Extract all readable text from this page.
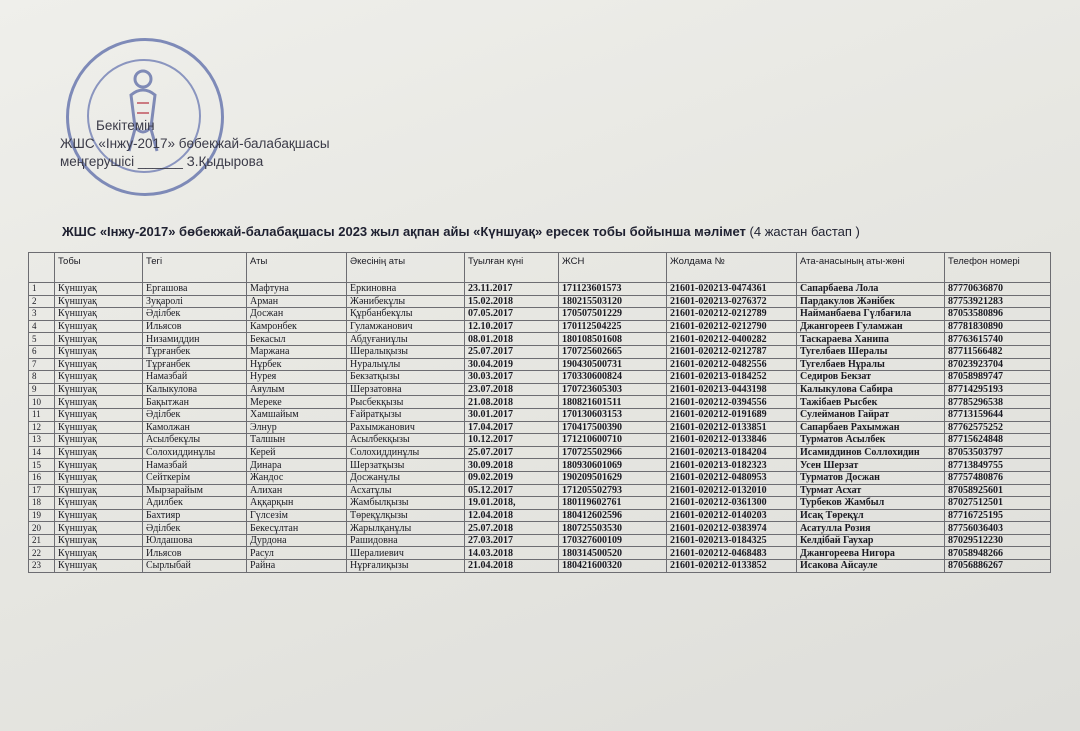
Бекітемін
ЖШС «Інжу-2017» бөбекжай-балабақшасы
меңгерушісі ______ З.Қыдырова
ЖШС «Інжу-2017» бөбекжай-балабақшасы 2023 жыл ақпан айы «Күншуақ» ересек тобы бойынша мәлімет (4 жастан бастап )
	Тобы	Тегі	Аты	Әкесінің аты	Туылған күні	ЖСН	Жолдама №	Ата-анасының аты-жөні	Телефон номері
1	Күншуақ	Ергашова	Мафтуна	Еркиновна	23.11.2017	171123601573	21601-020213-0474361	Сапарбаева Лола	87770636870
2	Күншуақ	Зуқаролі	Арман	Жәнибекұлы	15.02.2018	180215503120	21601-020213-0276372	Пардакулов Жәнібек	87753921283
3	Күншуақ	Әділбек	Досжан	Құрбанбекұлы	07.05.2017	170507501229	21601-020212-0212789	Найманбаева Гүлбағила	87053580896
4	Күншуақ	Ильясов	Камронбек	Гуламжанович	12.10.2017	170112504225	21601-020212-0212790	Джангореев Гуламжан	87781830890
5	Күншуақ	Низамиддин	Бекасыл	Абдуғаниұлы	08.01.2018	180108501608	21601-020212-0400282	Таскараева Ханипа	87763615740
6	Күншуақ	Тұрғанбек	Маржана	Шералықызы	25.07.2017	170725602665	21601-020212-0212787	Тугелбаев Шералы	87711566482
7	Күншуақ	Тұрғанбек	Нұрбек	Нуралыұлы	30.04.2019	190430500731	21601-020212-0482556	Тугелбаев Нұралы	87023923704
8	Күншуақ	Намазбай	Нурея	Бекзатқызы	30.03.2017	170330600824	21601-020213-0184252	Седиров Бекзат	87058989747
9	Күншуақ	Калыкулова	Аяулым	Шерзатовна	23.07.2018	170723605303	21601-020213-0443198	Калыкулова Сабира	87714295193
10	Күншуақ	Бақытжан	Мереке	Рысбекқызы	21.08.2018	180821601511	21601-020212-0394556	Тажібаев Рысбек	87785296538
11	Күншуақ	Әділбек	Хамшайым	Ғайратқызы	30.01.2017	170130603153	21601-020212-0191689	Сулейманов Гайрат	87713159644
12	Күншуақ	Камолжан	Элнур	Рахымжанович	17.04.2017	170417500390	21601-020212-0133851	Сапарбаев Рахымжан	87762575252
13	Күншуақ	Асылбекұлы	Талшын	Асылбекқызы	10.12.2017	171210600710	21601-020212-0133846	Турматов Асылбек	87715624848
14	Күншуақ	Солохиддинұлы	Керей	Солохиддинұлы	25.07.2017	170725502966	21601-020213-0184204	Исамиддинов Соллохидин	87053503797
15	Күншуақ	Намазбай	Динара	Шерзатқызы	30.09.2018	180930601069	21601-020213-0182323	Усен Шерзат	87713849755
16	Күншуақ	Сейткерім	Жандос	Досжанұлы	09.02.2019	190209501629	21601-020212-0480953	Турматов Досжан	87757480876
17	Күншуақ	Мырзарайым	Алихан	Асхатұлы	05.12.2017	171205502793	21601-020212-0132010	Турмат Асхат	87058925601
18	Күншуақ	Адилбек	Аққарқын	Жамбылқызы	19.01.2018,	180119602761	21601-020212-0361300	Турбеков Жамбыл	87027512501
19	Күншуақ	Бахтияр	Гүлсезім	Төреқұлқызы	12.04.2018	180412602596	21601-020212-0140203	Исақ Төреқұл	87716725195
20	Күншуақ	Әділбек	Бекесұлтан	Жарылқанұлы	25.07.2018	180725503530	21601-020212-0383974	Асатулла Розия	87756036403
21	Күншуақ	Юлдашова	Дурдона	Рашидовна	27.03.2017	170327600109	21601-020213-0184325	Келдібай Гаухар	87029512230
22	Күншуақ	Ильясов	Расул	Шералиевич	14.03.2018	180314500520	21601-020212-0468483	Джангореева Нигора	87058948266
23	Күншуақ	Сырлыбай	Райна	Нұрғалиқызы	21.04.2018	180421600320	21601-020212-0133852	Исакова Айсауле	87056886267
